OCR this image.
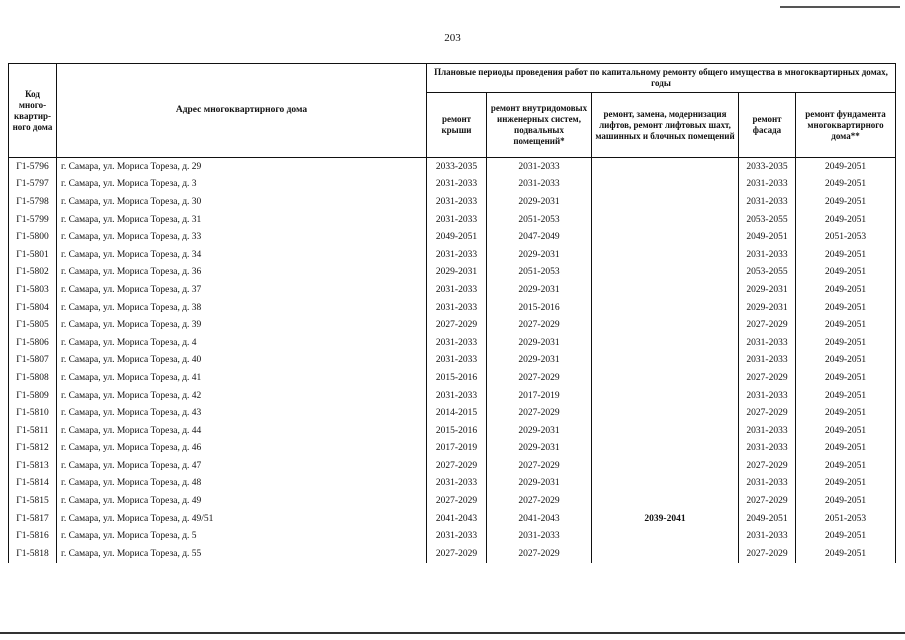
203
Код много-квартир-ного дома	Адрес многоквартирного дома	Плановые периоды проведения работ по капитальному ремонту общего имущества в многоквартирных домах, годы				
		ремонт крыши	ремонт внутридомовых инженерных систем, подвальных помещений*	ремонт, замена, модернизация лифтов, ремонт лифтовых шахт, машинных и блочных помещений	ремонт фасада	ремонт фундамента многоквартирного дома**
Г1-5796	г. Самара, ул. Мориса Тореза, д. 29	2033-2035	2031-2033		2033-2035	2049-2051
Г1-5797	г. Самара, ул. Мориса Тореза, д. 3	2031-2033	2031-2033		2031-2033	2049-2051
Г1-5798	г. Самара, ул. Мориса Тореза, д. 30	2031-2033	2029-2031		2031-2033	2049-2051
Г1-5799	г. Самара, ул. Мориса Тореза, д. 31	2031-2033	2051-2053		2053-2055	2049-2051
Г1-5800	г. Самара, ул. Мориса Тореза, д. 33	2049-2051	2047-2049		2049-2051	2051-2053
Г1-5801	г. Самара, ул. Мориса Тореза, д. 34	2031-2033	2029-2031		2031-2033	2049-2051
Г1-5802	г. Самара, ул. Мориса Тореза, д. 36	2029-2031	2051-2053		2053-2055	2049-2051
Г1-5803	г. Самара, ул. Мориса Тореза, д. 37	2031-2033	2029-2031		2029-2031	2049-2051
Г1-5804	г. Самара, ул. Мориса Тореза, д. 38	2031-2033	2015-2016		2029-2031	2049-2051
Г1-5805	г. Самара, ул. Мориса Тореза, д. 39	2027-2029	2027-2029		2027-2029	2049-2051
Г1-5806	г. Самара, ул. Мориса Тореза, д. 4	2031-2033	2029-2031		2031-2033	2049-2051
Г1-5807	г. Самара, ул. Мориса Тореза, д. 40	2031-2033	2029-2031		2031-2033	2049-2051
Г1-5808	г. Самара, ул. Мориса Тореза, д. 41	2015-2016	2027-2029		2027-2029	2049-2051
Г1-5809	г. Самара, ул. Мориса Тореза, д. 42	2031-2033	2017-2019		2031-2033	2049-2051
Г1-5810	г. Самара, ул. Мориса Тореза, д. 43	2014-2015	2027-2029		2027-2029	2049-2051
Г1-5811	г. Самара, ул. Мориса Тореза, д. 44	2015-2016	2029-2031		2031-2033	2049-2051
Г1-5812	г. Самара, ул. Мориса Тореза, д. 46	2017-2019	2029-2031		2031-2033	2049-2051
Г1-5813	г. Самара, ул. Мориса Тореза, д. 47	2027-2029	2027-2029		2027-2029	2049-2051
Г1-5814	г. Самара, ул. Мориса Тореза, д. 48	2031-2033	2029-2031		2031-2033	2049-2051
Г1-5815	г. Самара, ул. Мориса Тореза, д. 49	2027-2029	2027-2029		2027-2029	2049-2051
Г1-5817	г. Самара, ул. Мориса Тореза, д. 49/51	2041-2043	2041-2043	2039-2041	2049-2051	2051-2053
Г1-5816	г. Самара, ул. Мориса Тореза, д. 5	2031-2033	2031-2033		2031-2033	2049-2051
Г1-5818	г. Самара, ул. Мориса Тореза, д. 55	2027-2029	2027-2029		2027-2029	2049-2051
